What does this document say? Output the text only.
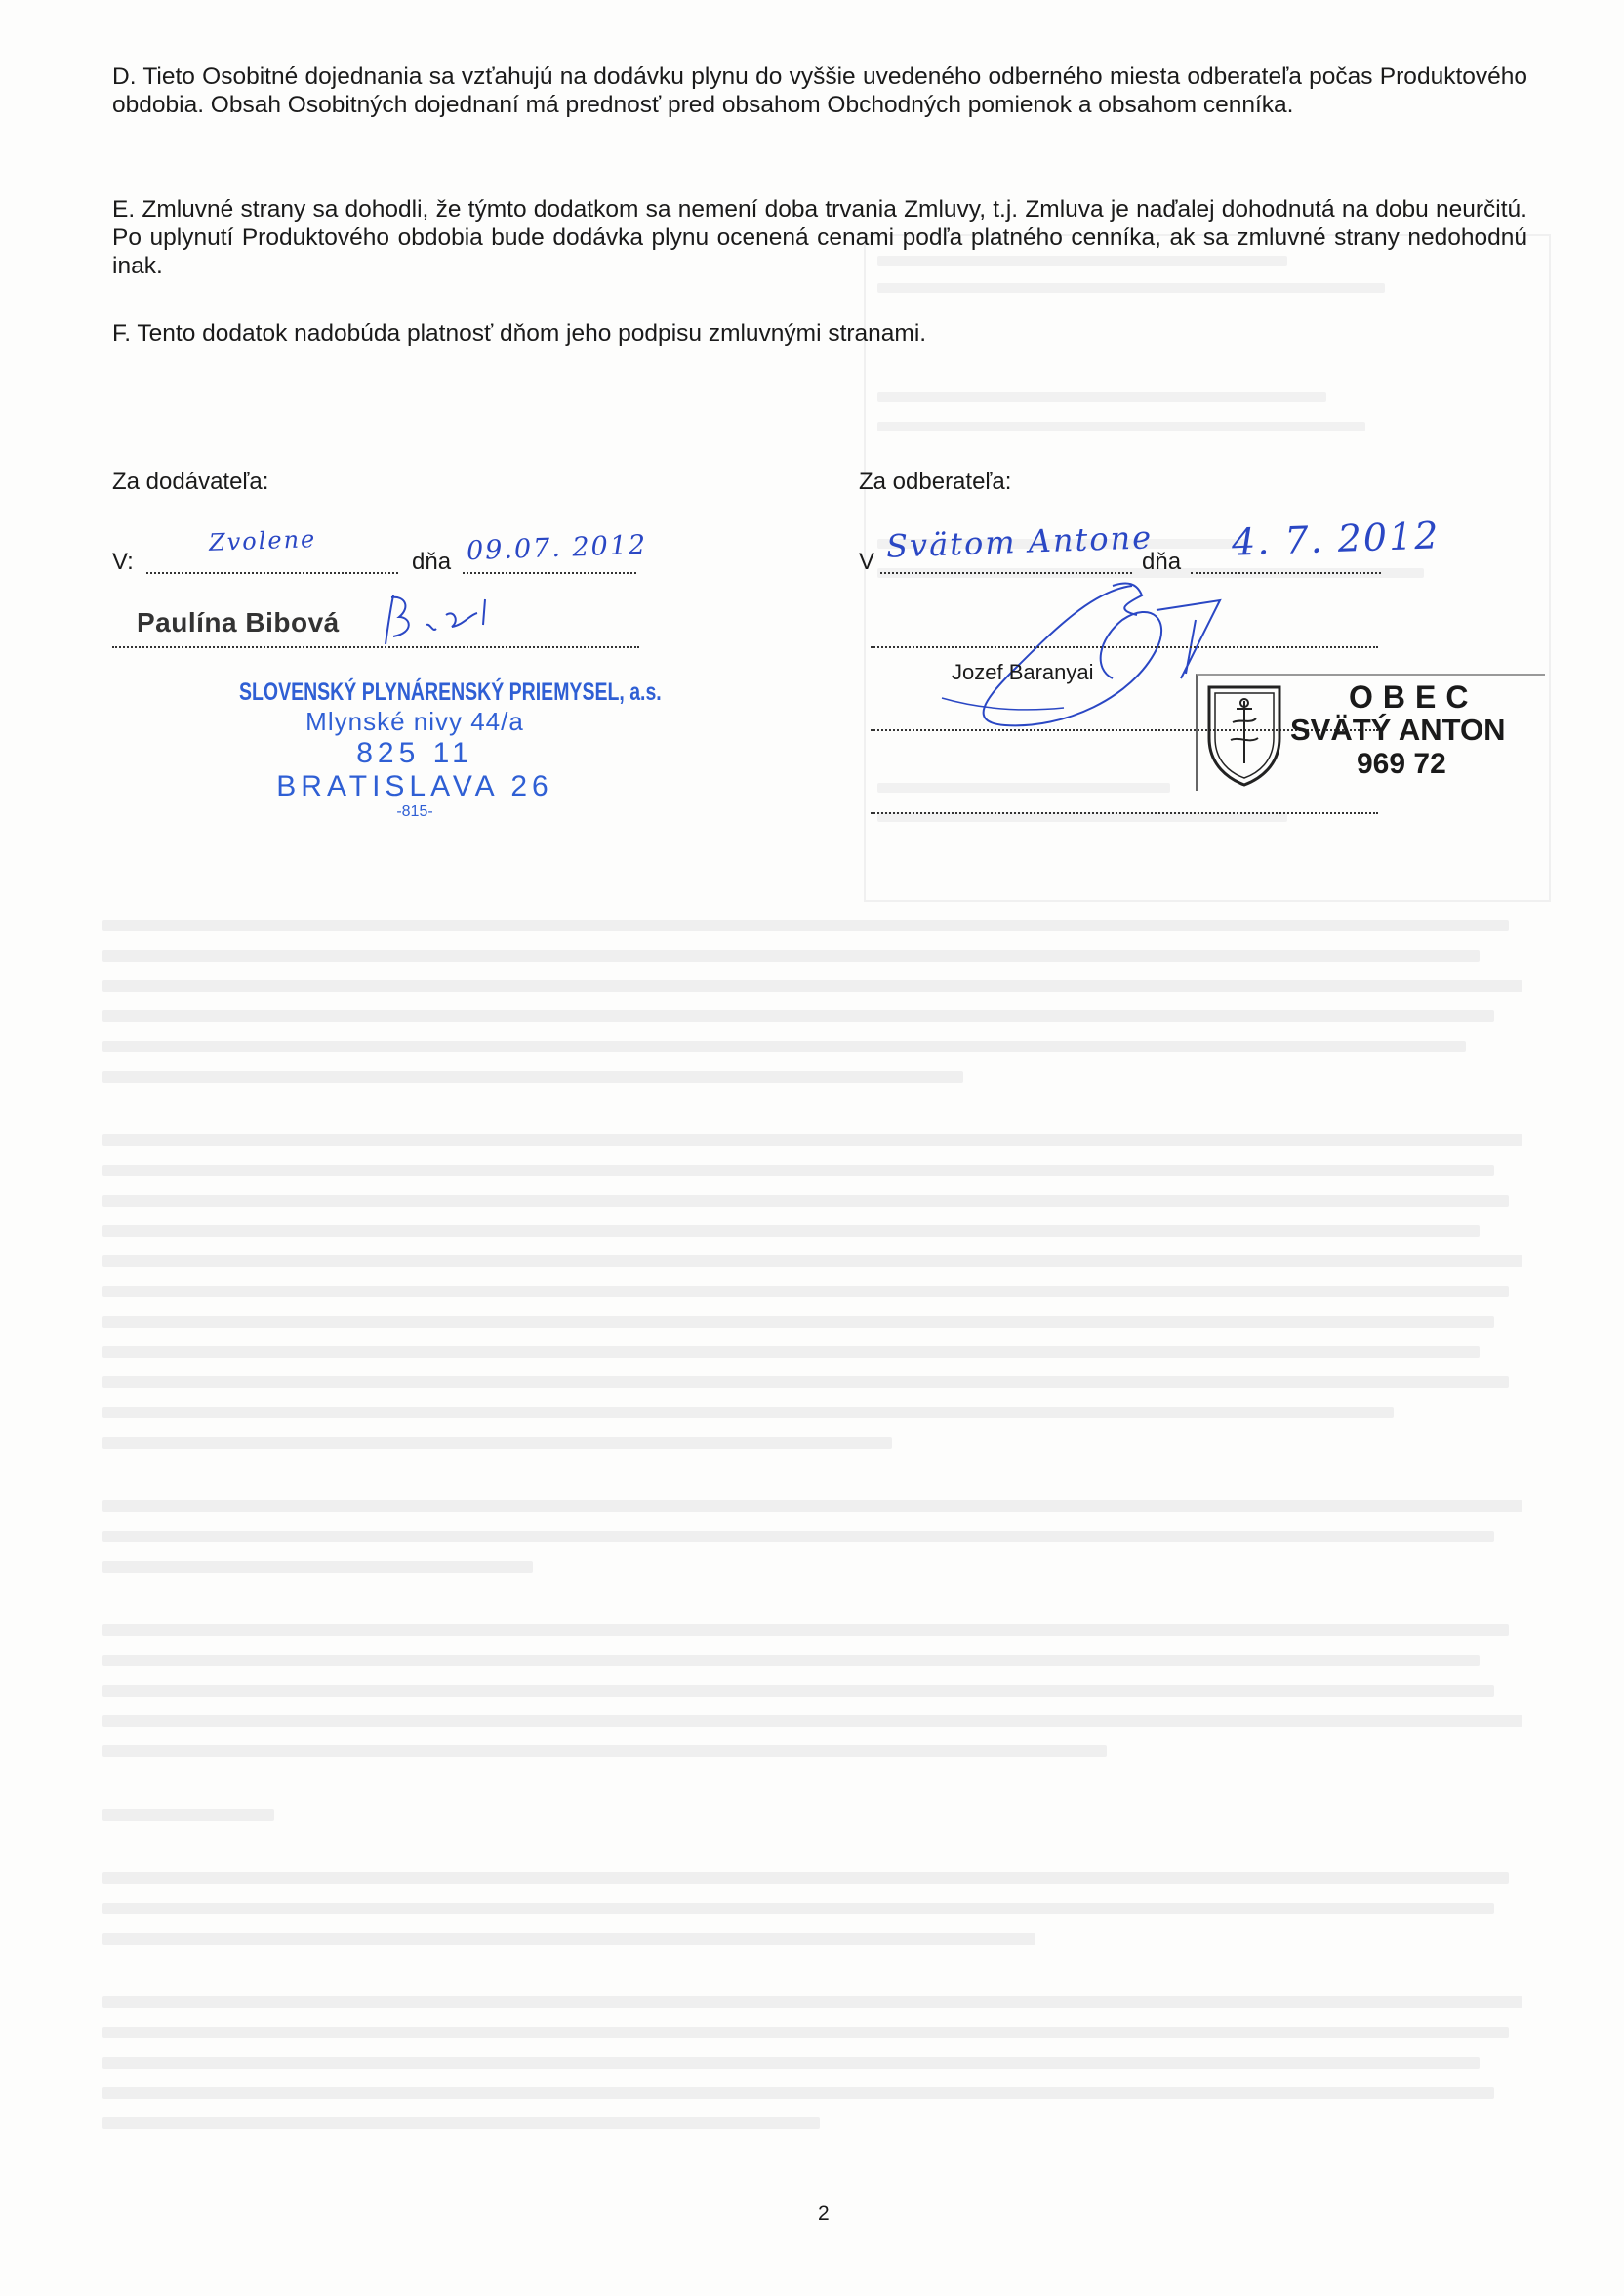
D. Tieto Osobitné dojednania sa vzťahujú na dodávku plynu do vyššie uvedeného odberného miesta odberateľa počas Produktového obdobia. Obsah Osobitných dojednaní má prednosť pred obsahom Obchodných pomienok a obsahom cenníka.

E. Zmluvné strany sa dohodli, že týmto dodatkom sa nemení doba trvania Zmluvy, t.j. Zmluva je naďalej dohodnutá na dobu neurčitú. Po uplynutí Produktového obdobia bude dodávka plynu ocenená cenami podľa platného cenníka, ak sa zmluvné strany nedohodnú inak.

F. Tento dodatok nadobúda platnosť dňom jeho podpisu zmluvnými stranami.

Za dodávateľa:
V:
Zvolene
dňa 09.07. 2012
Paulína Bibová
SLOVENSKÝ PLYNÁRENSKÝ PRIEMYSEL, a.s.
Mlynské nivy 44/a
825 11 BRATISLAVA 26
-815-
Za odberateľa:
V Svätom Antone
dňa 4. 7. 2012
Jozef Baranyai
OBEC
SVÄTÝ ANTON
969 72
2
